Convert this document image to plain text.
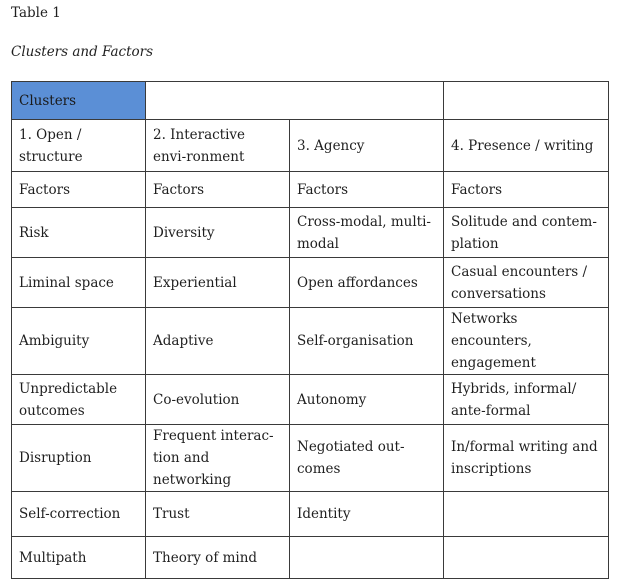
Table 1
Clusters and Factors
Clusters			
1. Open / structure	2. Interactive envi-ronment	3. Agency	4. Presence / writing
Factors	Factors	Factors	Factors
Risk	Diversity	Cross-modal, multi-modal	Solitude and contem-plation
Liminal space	Experiential	Open affordances	Casual encounters / conversations
Ambiguity	Adaptive	Self-organisation	Networks encounters, engagement
Unpredictable outcomes	Co-evolution	Autonomy	Hybrids, informal/ ante-formal
Disruption	Frequent interac-tion and networking	Negotiated out-comes	In/formal writing and inscriptions
Self-correction	Trust	Identity	
Multipath	Theory of mind		
